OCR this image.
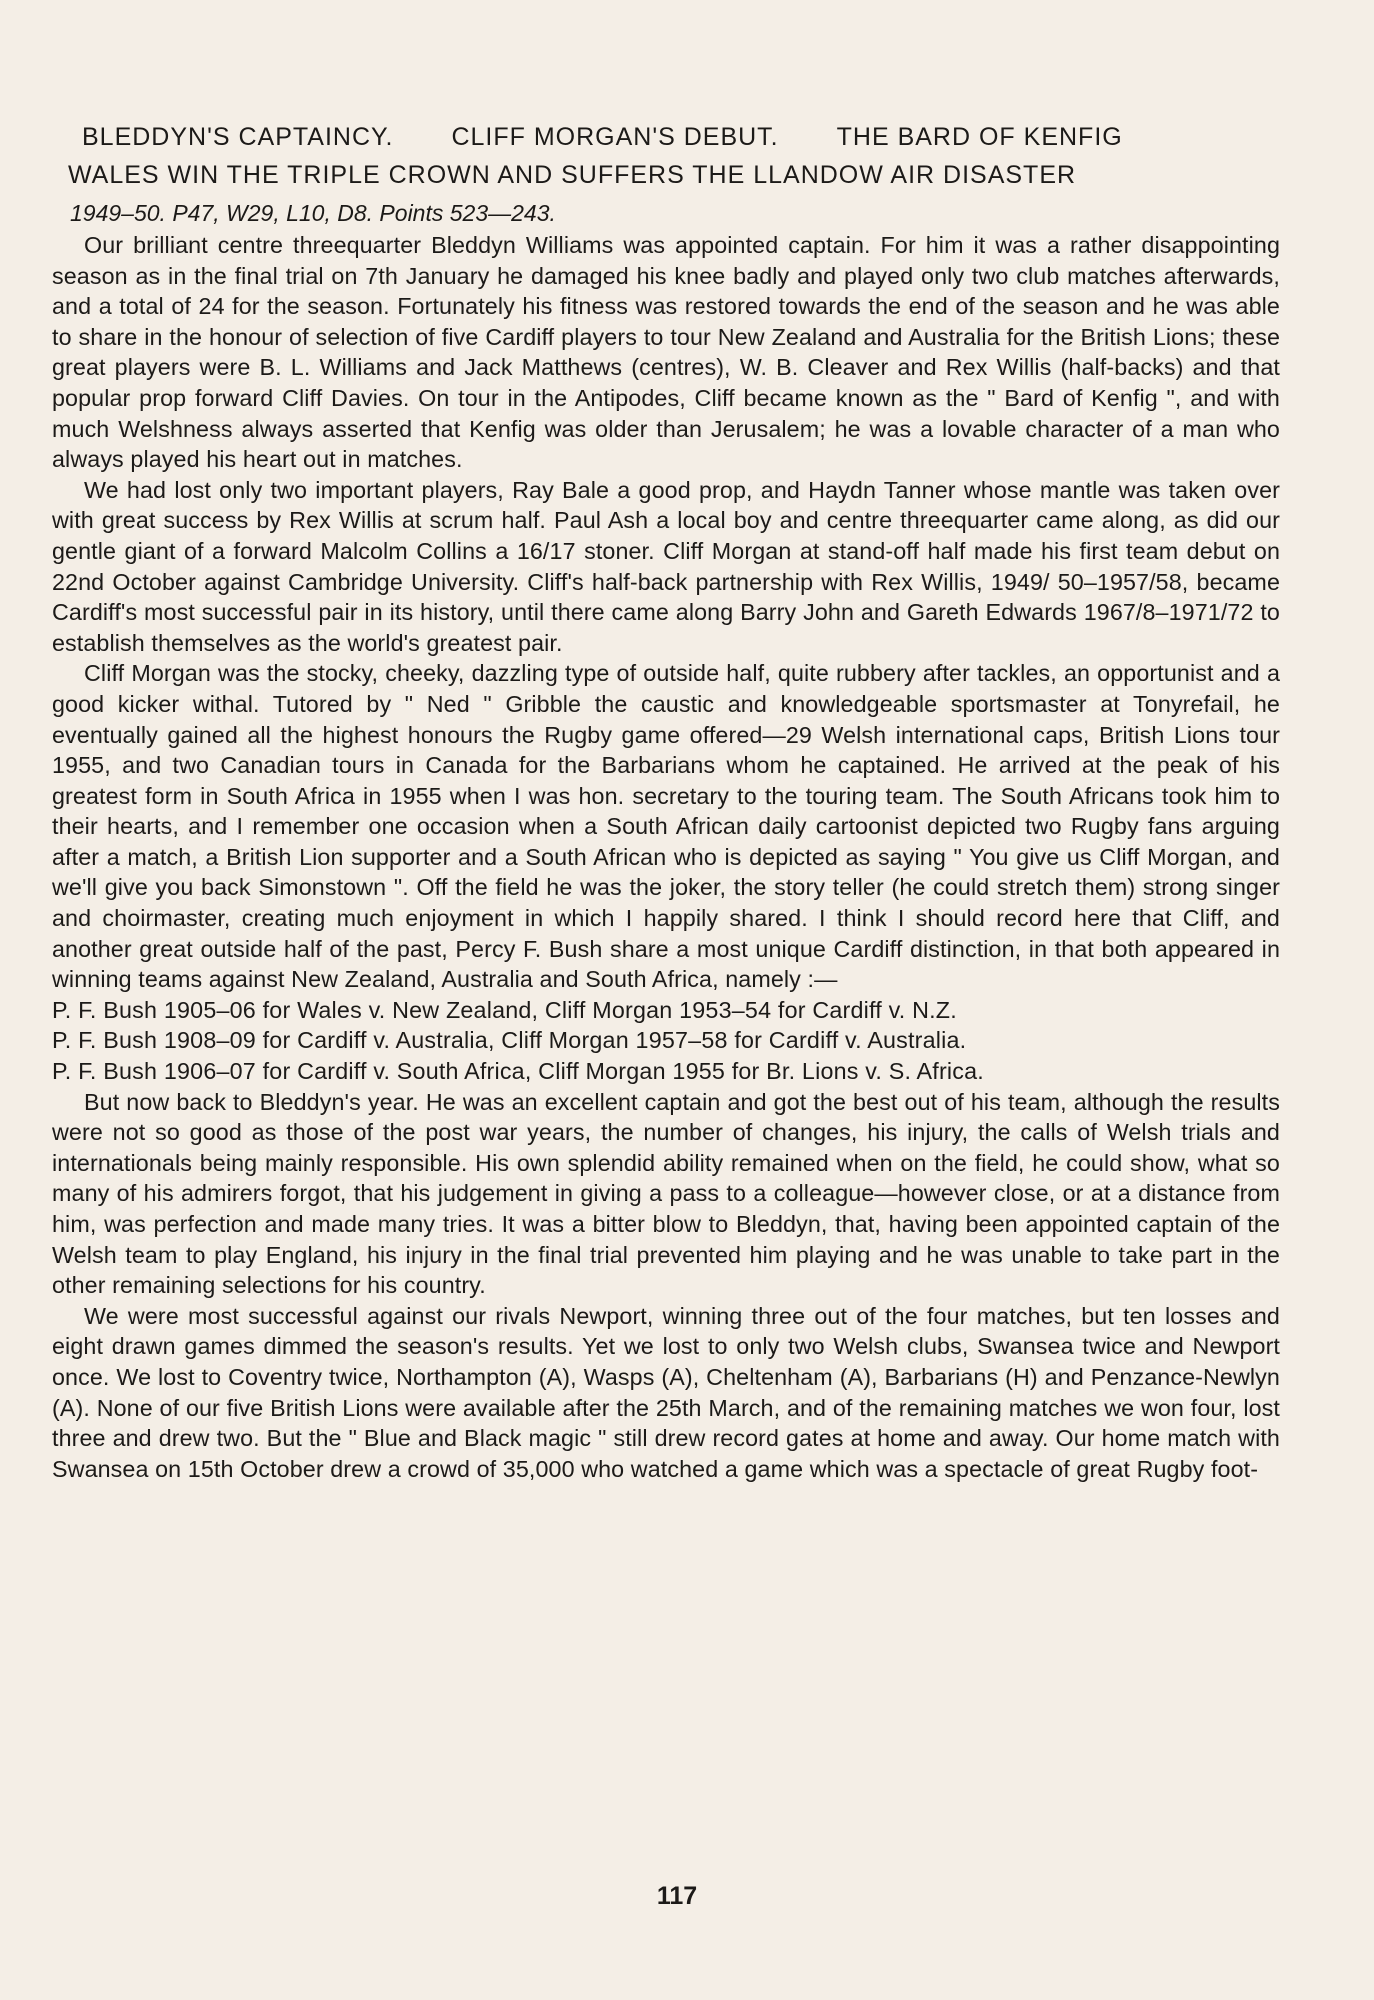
BLEDDYN'S CAPTAINCY. CLIFF MORGAN'S DEBUT. THE BARD OF KENFIG
WALES WIN THE TRIPLE CROWN AND SUFFERS THE LLANDOW AIR DISASTER

1949–50. P47, W29, L10, D8. Points 523—243.

Our brilliant centre threequarter Bleddyn Williams was appointed captain. For him it was a rather disappointing season as in the final trial on 7th January he damaged his knee badly and played only two club matches afterwards, and a total of 24 for the season. Fortunately his fitness was restored towards the end of the season and he was able to share in the honour of selection of five Cardiff players to tour New Zealand and Australia for the British Lions; these great players were B. L. Williams and Jack Matthews (centres), W. B. Cleaver and Rex Willis (half-backs) and that popular prop forward Cliff Davies. On tour in the Antipodes, Cliff became known as the " Bard of Kenfig ", and with much Welshness always asserted that Kenfig was older than Jerusalem; he was a lovable character of a man who always played his heart out in matches.

We had lost only two important players, Ray Bale a good prop, and Haydn Tanner whose mantle was taken over with great success by Rex Willis at scrum half. Paul Ash a local boy and centre threequarter came along, as did our gentle giant of a forward Malcolm Collins a 16/17 stoner. Cliff Morgan at stand-off half made his first team debut on 22nd October against Cambridge University. Cliff's half-back partnership with Rex Willis, 1949/ 50–1957/58, became Cardiff's most successful pair in its history, until there came along Barry John and Gareth Edwards 1967/8–1971/72 to establish themselves as the world's greatest pair.

Cliff Morgan was the stocky, cheeky, dazzling type of outside half, quite rubbery after tackles, an opportunist and a good kicker withal. Tutored by " Ned " Gribble the caustic and knowledgeable sportsmaster at Tonyrefail, he eventually gained all the highest honours the Rugby game offered—29 Welsh international caps, British Lions tour 1955, and two Canadian tours in Canada for the Barbarians whom he captained. He arrived at the peak of his greatest form in South Africa in 1955 when I was hon. secretary to the touring team. The South Africans took him to their hearts, and I remember one occasion when a South African daily cartoonist depicted two Rugby fans arguing after a match, a British Lion supporter and a South African who is depicted as saying " You give us Cliff Morgan, and we'll give you back Simonstown ". Off the field he was the joker, the story teller (he could stretch them) strong singer and choirmaster, creating much enjoyment in which I happily shared. I think I should record here that Cliff, and another great outside half of the past, Percy F. Bush share a most unique Cardiff distinction, in that both appeared in winning teams against New Zealand, Australia and South Africa, namely :—

P. F. Bush 1905–06 for Wales v. New Zealand, Cliff Morgan 1953–54 for Cardiff v. N.Z.
P. F. Bush 1908–09 for Cardiff v. Australia, Cliff Morgan 1957–58 for Cardiff v. Australia.
P. F. Bush 1906–07 for Cardiff v. South Africa, Cliff Morgan 1955 for Br. Lions v. S. Africa.

But now back to Bleddyn's year. He was an excellent captain and got the best out of his team, although the results were not so good as those of the post war years, the number of changes, his injury, the calls of Welsh trials and internationals being mainly responsible. His own splendid ability remained when on the field, he could show, what so many of his admirers forgot, that his judgement in giving a pass to a colleague—however close, or at a distance from him, was perfection and made many tries. It was a bitter blow to Bleddyn, that, having been appointed captain of the Welsh team to play England, his injury in the final trial prevented him playing and he was unable to take part in the other remaining selections for his country.

We were most successful against our rivals Newport, winning three out of the four matches, but ten losses and eight drawn games dimmed the season's results. Yet we lost to only two Welsh clubs, Swansea twice and Newport once. We lost to Coventry twice, Northampton (A), Wasps (A), Cheltenham (A), Barbarians (H) and Penzance-Newlyn (A). None of our five British Lions were available after the 25th March, and of the remaining matches we won four, lost three and drew two. But the " Blue and Black magic " still drew record gates at home and away. Our home match with Swansea on 15th October drew a crowd of 35,000 who watched a game which was a spectacle of great Rugby foot-

117
